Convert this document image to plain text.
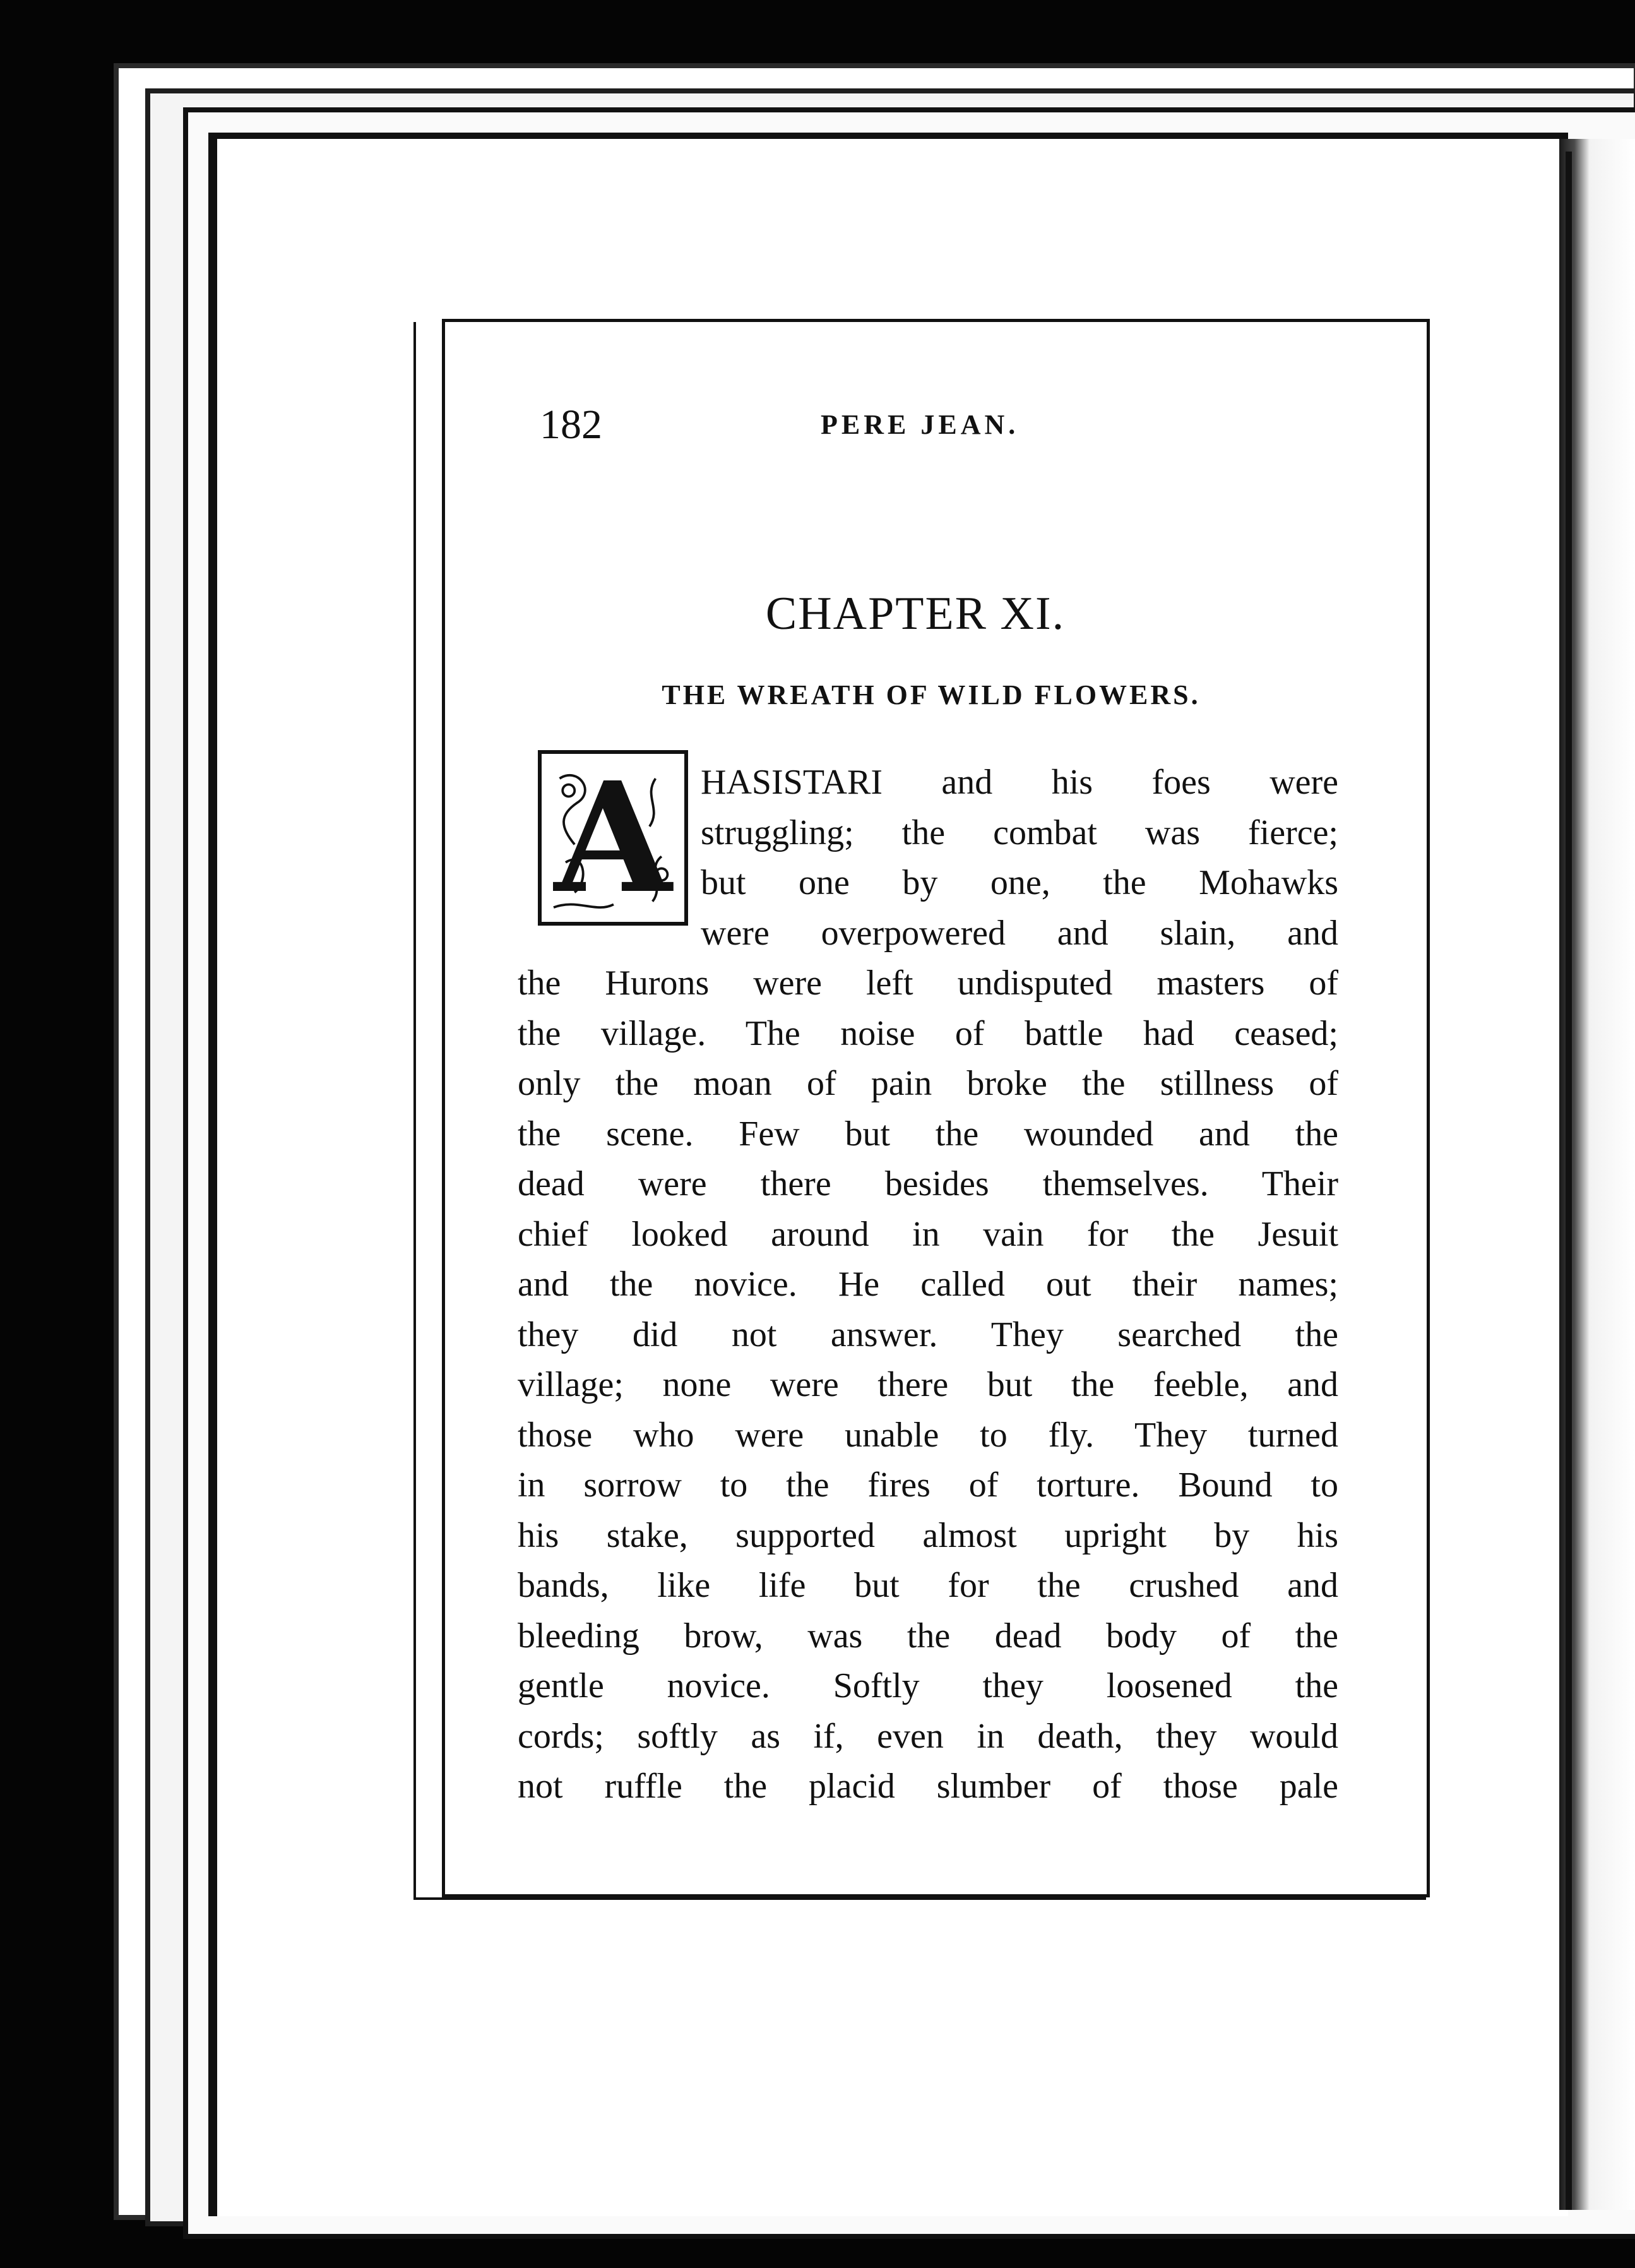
182	PERE JEAN.
CHAPTER XI.
THE WREATH OF WILD FLOWERS.
A HASISTARI and his foes were
struggling; the combat was fierce;
but one by one, the Mohawks
were overpowered and slain, and
the Hurons were left undisputed masters of
the village. The noise of battle had ceased;
only the moan of pain broke the stillness of
the scene. Few but the wounded and the
dead were there besides themselves. Their
chief looked around in vain for the Jesuit
and the novice. He called out their names;
they did not answer. They searched the
village; none were there but the feeble, and
those who were unable to fly. They turned
in sorrow to the fires of torture. Bound to
his stake, supported almost upright by his
bands, like life but for the crushed and
bleeding brow, was the dead body of the
gentle novice. Softly they loosened the
cords; softly as if, even in death, they would
not ruffle the placid slumber of those pale
